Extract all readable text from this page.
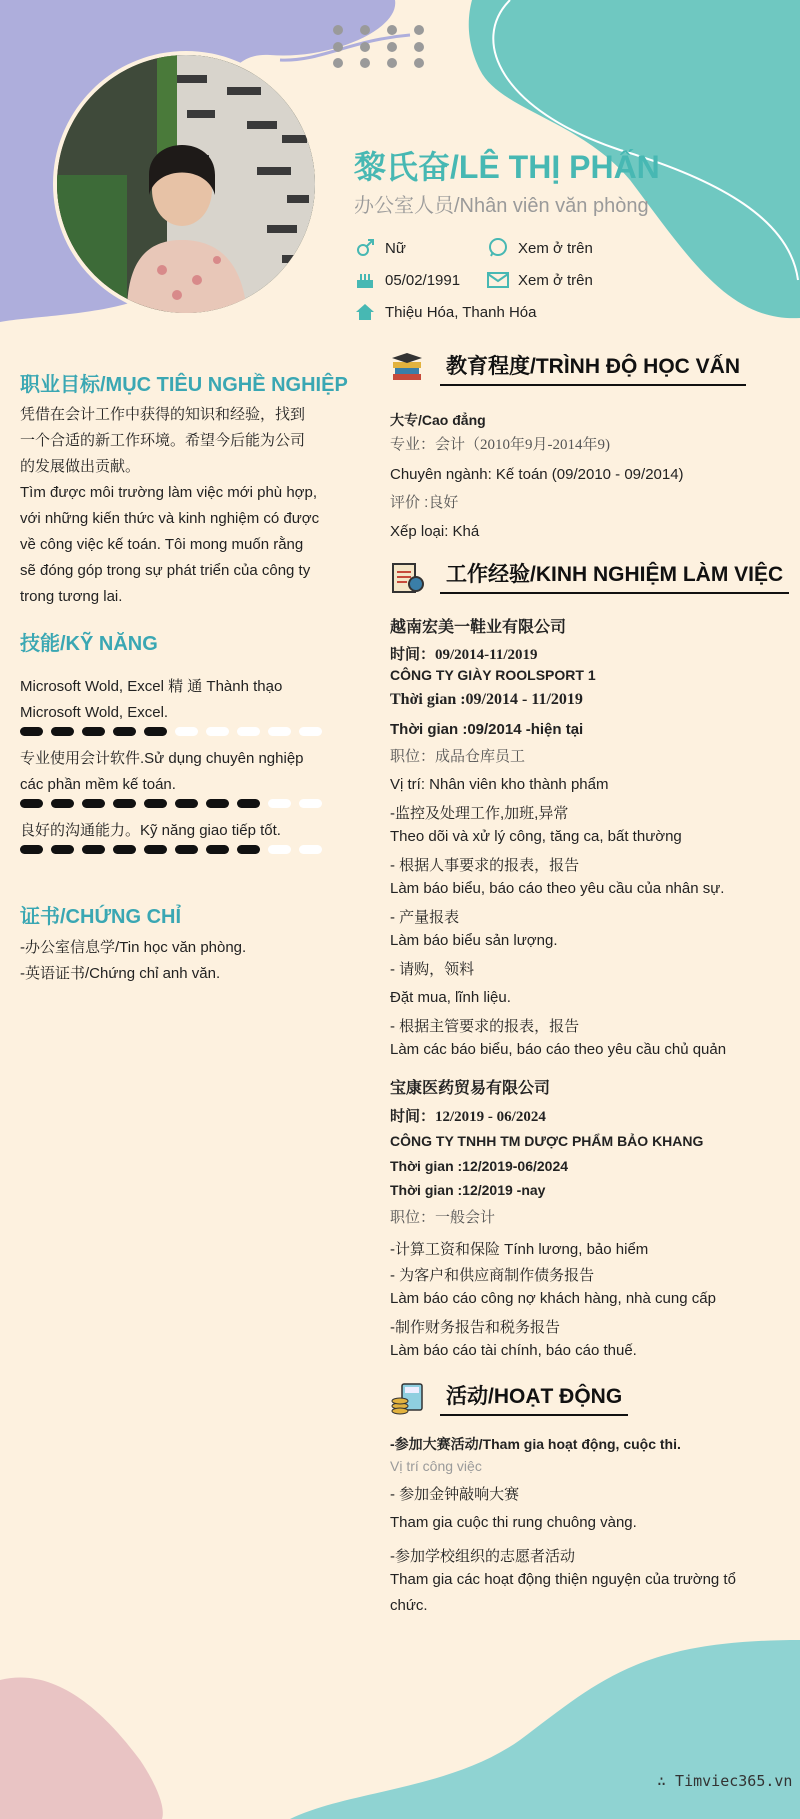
黎氏奋/LÊ THỊ PHẤN
办公室人员/Nhân viên văn phòng
Nữ	Xem ở trên
05/02/1991	Xem ở trên
Thiệu Hóa, Thanh Hóa
职业目标/MỤC TIÊU NGHỀ NGHIỆP
凭借在会计工作中获得的知识和经验，找到
一个合适的新工作环境。希望今后能为公司
的发展做出贡献。
Tìm được môi trường làm việc mới phù hợp,
với những kiến thức và kinh nghiệm có được
về công việc kế toán. Tôi mong muốn rằng
sẽ đóng góp trong sự phát triển của công ty
trong tương lai.
技能/KỸ NĂNG
Microsoft Wold, Excel 精 通 Thành thạo
Microsoft Wold, Excel.
专业使用会计软件.Sử dụng chuyên nghiệp
các phần mềm kế toán.
良好的沟通能力。Kỹ năng giao tiếp tốt.
证书/CHỨNG CHỈ
-办公室信息学/Tin học văn phòng.
-英语证书/Chứng chỉ anh văn.
教育程度/TRÌNH ĐỘ HỌC VẤN
大专/Cao đẳng
专业：会计（2010年9月-2014年9)
Chuyên ngành: Kế toán (09/2010 - 09/2014)
评价 :良好
Xếp loại: Khá
工作经验/KINH NGHIỆM LÀM VIỆC
越南宏美一鞋业有限公司
时间：09/2014-11/2019
CÔNG TY GIÀY ROOLSPORT 1
Thời gian :09/2014 - 11/2019
Thời gian :09/2014 -hiện tại
职位：成品仓库员工
Vị trí: Nhân viên kho thành phẩm
-监控及处理工作,加班,异常
Theo dõi và xử lý công, tăng ca, bất thường
- 根据人事要求的报表，报告
Làm báo biểu, báo cáo theo yêu cầu của nhân sự.
- 产量报表
Làm báo biểu sản lượng.
- 请购，领料
Đặt mua, lĩnh liệu.
- 根据主管要求的报表，报告
Làm các báo biểu, báo cáo theo yêu cầu chủ quản
宝康医药贸易有限公司
时间：12/2019 - 06/2024
CÔNG TY TNHH TM DƯỢC PHẨM BẢO KHANG
Thời gian :12/2019-06/2024
Thời gian :12/2019 -nay
职位：一般会计
-计算工资和保险 Tính lương, bảo hiểm
- 为客户和供应商制作债务报告
Làm báo cáo công nợ khách hàng, nhà cung cấp
-制作财务报告和税务报告
Làm báo cáo tài chính, báo cáo thuế.
活动/HOẠT ĐỘNG
-参加大赛活动/Tham gia hoạt động, cuộc thi.
Vị trí công việc
- 参加金钟敲响大赛
Tham gia cuộc thi rung chuông vàng.
-参加学校组织的志愿者活动
Tham gia các hoạt động thiện nguyện của trường tổ
chức.
∴ Timviec365.vn
